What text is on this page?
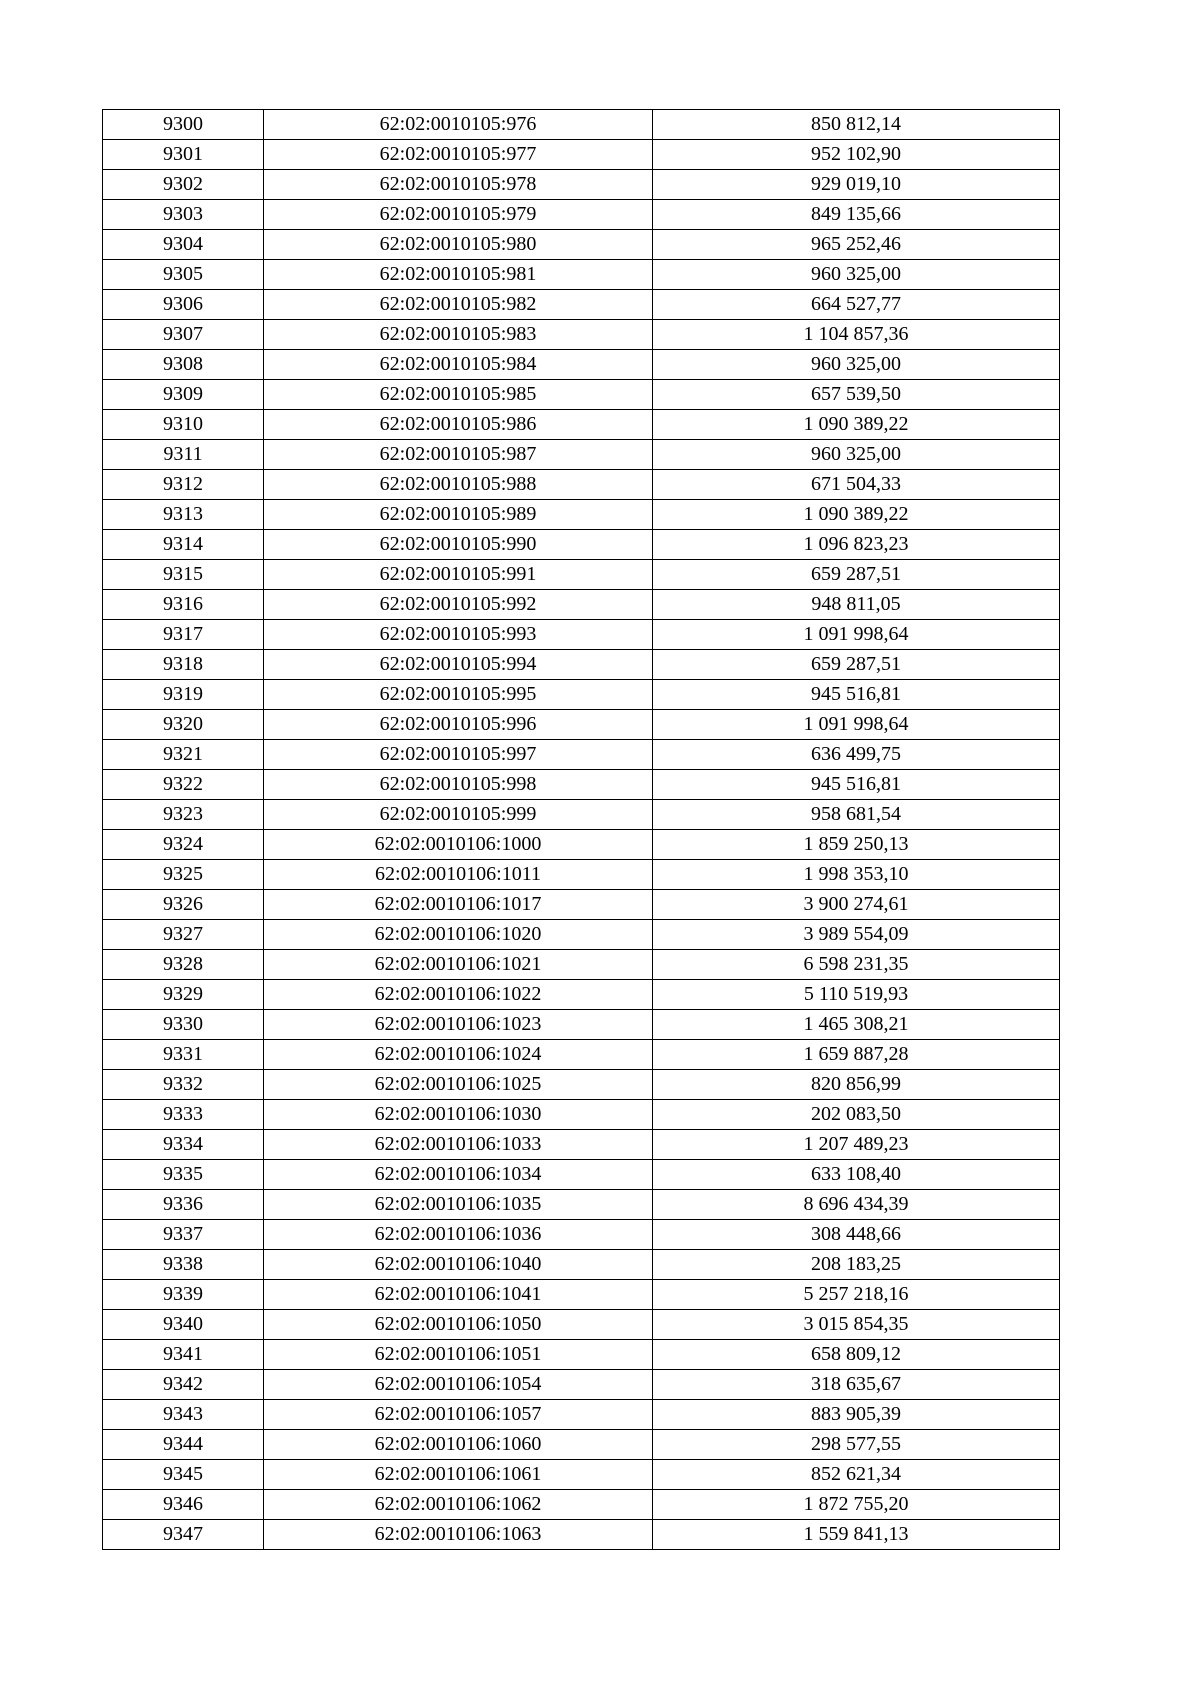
9300	62:02:0010105:976	850 812,14
9301	62:02:0010105:977	952 102,90
9302	62:02:0010105:978	929 019,10
9303	62:02:0010105:979	849 135,66
9304	62:02:0010105:980	965 252,46
9305	62:02:0010105:981	960 325,00
9306	62:02:0010105:982	664 527,77
9307	62:02:0010105:983	1 104 857,36
9308	62:02:0010105:984	960 325,00
9309	62:02:0010105:985	657 539,50
9310	62:02:0010105:986	1 090 389,22
9311	62:02:0010105:987	960 325,00
9312	62:02:0010105:988	671 504,33
9313	62:02:0010105:989	1 090 389,22
9314	62:02:0010105:990	1 096 823,23
9315	62:02:0010105:991	659 287,51
9316	62:02:0010105:992	948 811,05
9317	62:02:0010105:993	1 091 998,64
9318	62:02:0010105:994	659 287,51
9319	62:02:0010105:995	945 516,81
9320	62:02:0010105:996	1 091 998,64
9321	62:02:0010105:997	636 499,75
9322	62:02:0010105:998	945 516,81
9323	62:02:0010105:999	958 681,54
9324	62:02:0010106:1000	1 859 250,13
9325	62:02:0010106:1011	1 998 353,10
9326	62:02:0010106:1017	3 900 274,61
9327	62:02:0010106:1020	3 989 554,09
9328	62:02:0010106:1021	6 598 231,35
9329	62:02:0010106:1022	5 110 519,93
9330	62:02:0010106:1023	1 465 308,21
9331	62:02:0010106:1024	1 659 887,28
9332	62:02:0010106:1025	820 856,99
9333	62:02:0010106:1030	202 083,50
9334	62:02:0010106:1033	1 207 489,23
9335	62:02:0010106:1034	633 108,40
9336	62:02:0010106:1035	8 696 434,39
9337	62:02:0010106:1036	308 448,66
9338	62:02:0010106:1040	208 183,25
9339	62:02:0010106:1041	5 257 218,16
9340	62:02:0010106:1050	3 015 854,35
9341	62:02:0010106:1051	658 809,12
9342	62:02:0010106:1054	318 635,67
9343	62:02:0010106:1057	883 905,39
9344	62:02:0010106:1060	298 577,55
9345	62:02:0010106:1061	852 621,34
9346	62:02:0010106:1062	1 872 755,20
9347	62:02:0010106:1063	1 559 841,13
